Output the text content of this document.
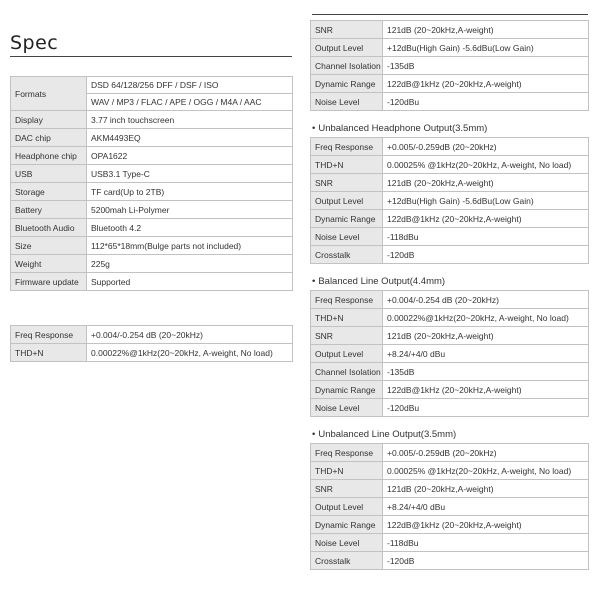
Spec
Formats	DSD 64/128/256 DFF / DSF / ISO
	WAV / MP3 / FLAC / APE / OGG / M4A / AAC
Display	3.77 inch touchscreen
DAC chip	AKM4493EQ
Headphone chip	OPA1622
USB	USB3.1 Type-C
Storage	TF card(Up to 2TB)
Battery	5200mah Li-Polymer
Bluetooth Audio	Bluetooth 4.2
Size	112*65*18mm(Bulge parts not included)
Weight	225g
Firmware update	Supported
Freq Response	+0.004/-0.254 dB (20~20kHz)
THD+N	0.00022%@1kHz(20~20kHz, A-weight, No load)
SNR	121dB (20~20kHz,A-weight)
Output Level	+12dBu(High Gain) -5.6dBu(Low Gain)
Channel Isolation	-135dB
Dynamic Range	122dB@1kHz (20~20kHz,A-weight)
Noise Level	-120dBu
• Unbalanced Headphone Output(3.5mm)
Freq Response	+0.005/-0.259dB (20~20kHz)
THD+N	0.00025% @1kHz(20~20kHz, A-weight, No load)
SNR	121dB (20~20kHz,A-weight)
Output Level	+12dBu(High Gain) -5.6dBu(Low Gain)
Dynamic Range	122dB@1kHz (20~20kHz,A-weight)
Noise Level	-118dBu
Crosstalk	-120dB
• Balanced Line Output(4.4mm)
Freq Response	+0.004/-0.254 dB (20~20kHz)
THD+N	0.00022%@1kHz(20~20kHz, A-weight, No load)
SNR	121dB (20~20kHz,A-weight)
Output Level	+8.24/+4/0 dBu
Channel Isolation	-135dB
Dynamic Range	122dB@1kHz (20~20kHz,A-weight)
Noise Level	-120dBu
• Unbalanced Line Output(3.5mm)
Freq Response	+0.005/-0.259dB (20~20kHz)
THD+N	0.00025% @1kHz(20~20kHz, A-weight, No load)
SNR	121dB (20~20kHz,A-weight)
Output Level	+8.24/+4/0 dBu
Dynamic Range	122dB@1kHz (20~20kHz,A-weight)
Noise Level	-118dBu
Crosstalk	-120dB
